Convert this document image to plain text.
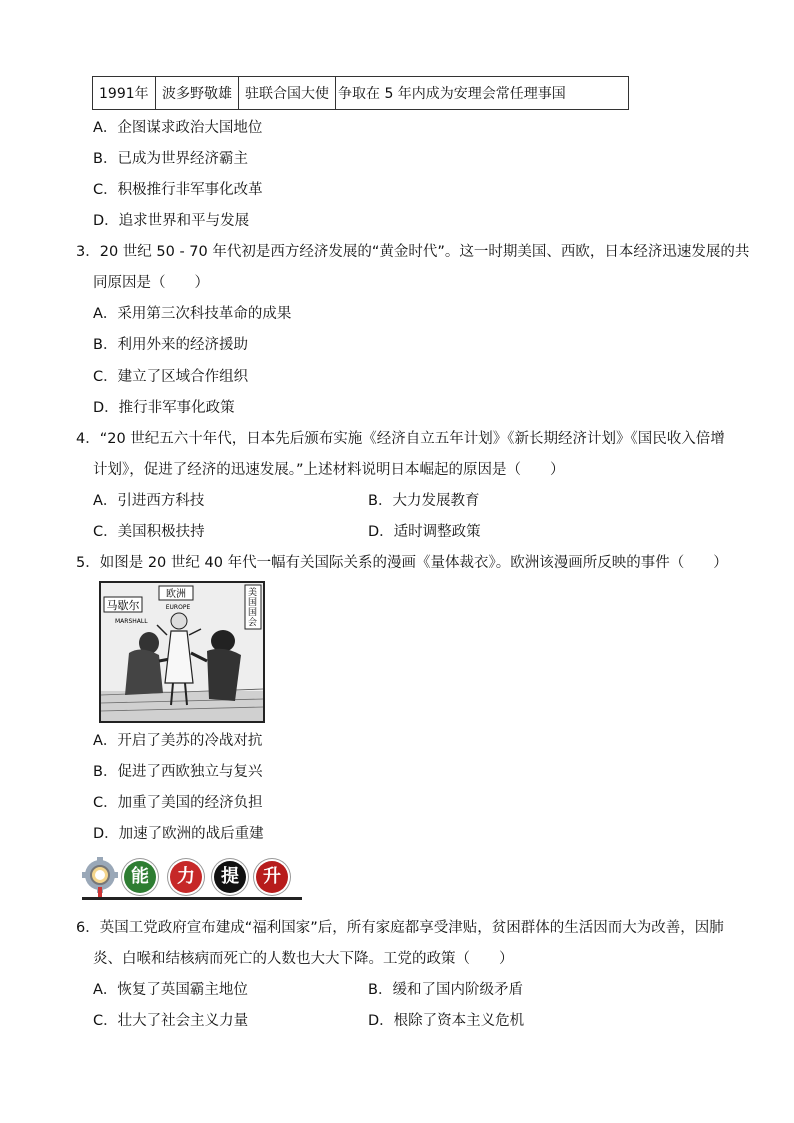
1991年	波多野敬雄	驻联合国大使	争取在 5 年内成为安理会常任理事国
A．企图谋求政治大国地位
B．已成为世界经济霸主
C．积极推行非军事化改革
D．追求世界和平与发展
3．20 世纪 50 - 70 年代初是西方经济发展的“黄金时代”。这一时期美国、西欧，日本经济迅速发展的共
同原因是（　　）
A．采用第三次科技革命的成果
B．利用外来的经济援助
C．建立了区域合作组织
D．推行非军事化政策
4．“20 世纪五六十年代，日本先后颁布实施《经济自立五年计划》《新长期经济计划》《国民收入倍增
计划》，促进了经济的迅速发展。”上述材料说明日本崛起的原因是（　　）
A．引进西方科技	B．大力发展教育
C．美国积极扶持	D．适时调整政策
5．如图是 20 世纪 40 年代一幅有关国际关系的漫画《量体裁衣》。欧洲该漫画所反映的事件（　　）
马歇尔
MARSHALL
欧洲
EUROPE
美国国会
A．开启了美苏的冷战对抗
B．促进了西欧独立与复兴
C．加重了美国的经济负担
D．加速了欧洲的战后重建
能	力	提	升
6．英国工党政府宣布建成“福利国家”后，所有家庭都享受津贴，贫困群体的生活因而大为改善，因肺
炎、白喉和结核病而死亡的人数也大大下降。工党的政策（　　）
A．恢复了英国霸主地位	B．缓和了国内阶级矛盾
C．壮大了社会主义力量	D．根除了资本主义危机
